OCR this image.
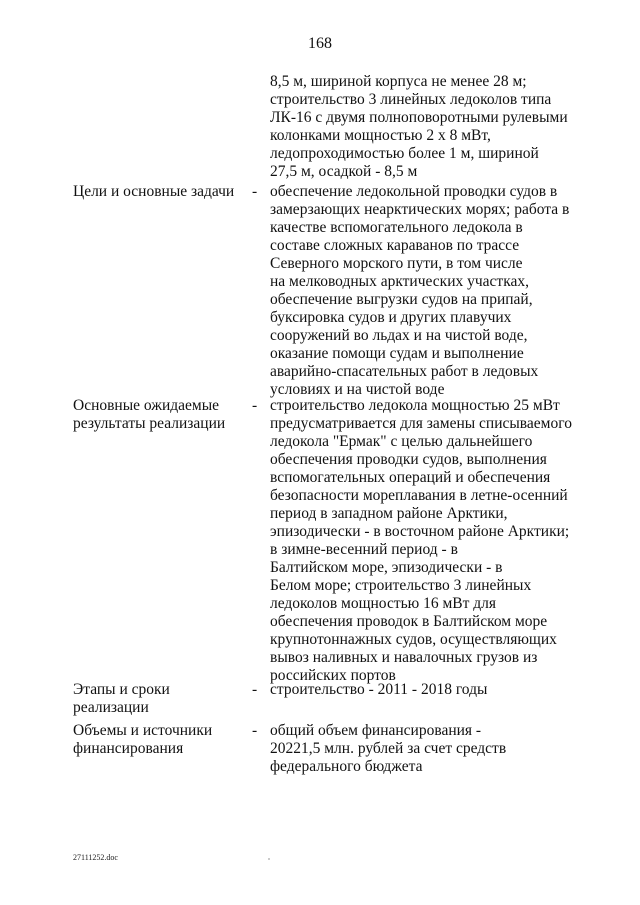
168
8,5 м, шириной корпуса не менее 28 м;
строительство 3 линейных ледоколов типа
ЛК-16 с двумя полноповоротными рулевыми
колонками мощностью 2 х 8 мВт,
ледопроходимостью более 1 м, шириной
27,5 м, осадкой - 8,5 м
Цели и основные задачи	- обеспечение ледокольной проводки судов в
замерзающих неарктических морях; работа в
качестве вспомогательного ледокола в
составе сложных караванов по трассе
Северного морского пути, в том числе
на мелководных арктических участках,
обеспечение выгрузки судов на припай,
буксировка судов и других плавучих
сооружений во льдах и на чистой воде,
оказание помощи судам и выполнение
аварийно-спасательных работ в ледовых
условиях и на чистой воде
Основные ожидаемые
результаты реализации
- строительство ледокола мощностью 25 мВт
предусматривается для замены списываемого
ледокола "Ермак" с целью дальнейшего
обеспечения проводки судов, выполнения
вспомогательных операций и обеспечения
безопасности мореплавания в летне-осенний
период в западном районе Арктики,
эпизодически - в восточном районе Арктики;
в зимне-весенний период - в
Балтийском море, эпизодически - в
Белом море; строительство 3 линейных
ледоколов мощностью 16 мВт для
обеспечения проводок в Балтийском море
крупнотоннажных судов, осуществляющих
вывоз наливных и навалочных грузов из
российских портов
Этапы и сроки
реализации
- строительство - 2011 - 2018 годы
Объемы и источники
финансирования
- общий объем финансирования -
20221,5 млн. рублей за счет средств
федерального бюджета
27111252.doc
